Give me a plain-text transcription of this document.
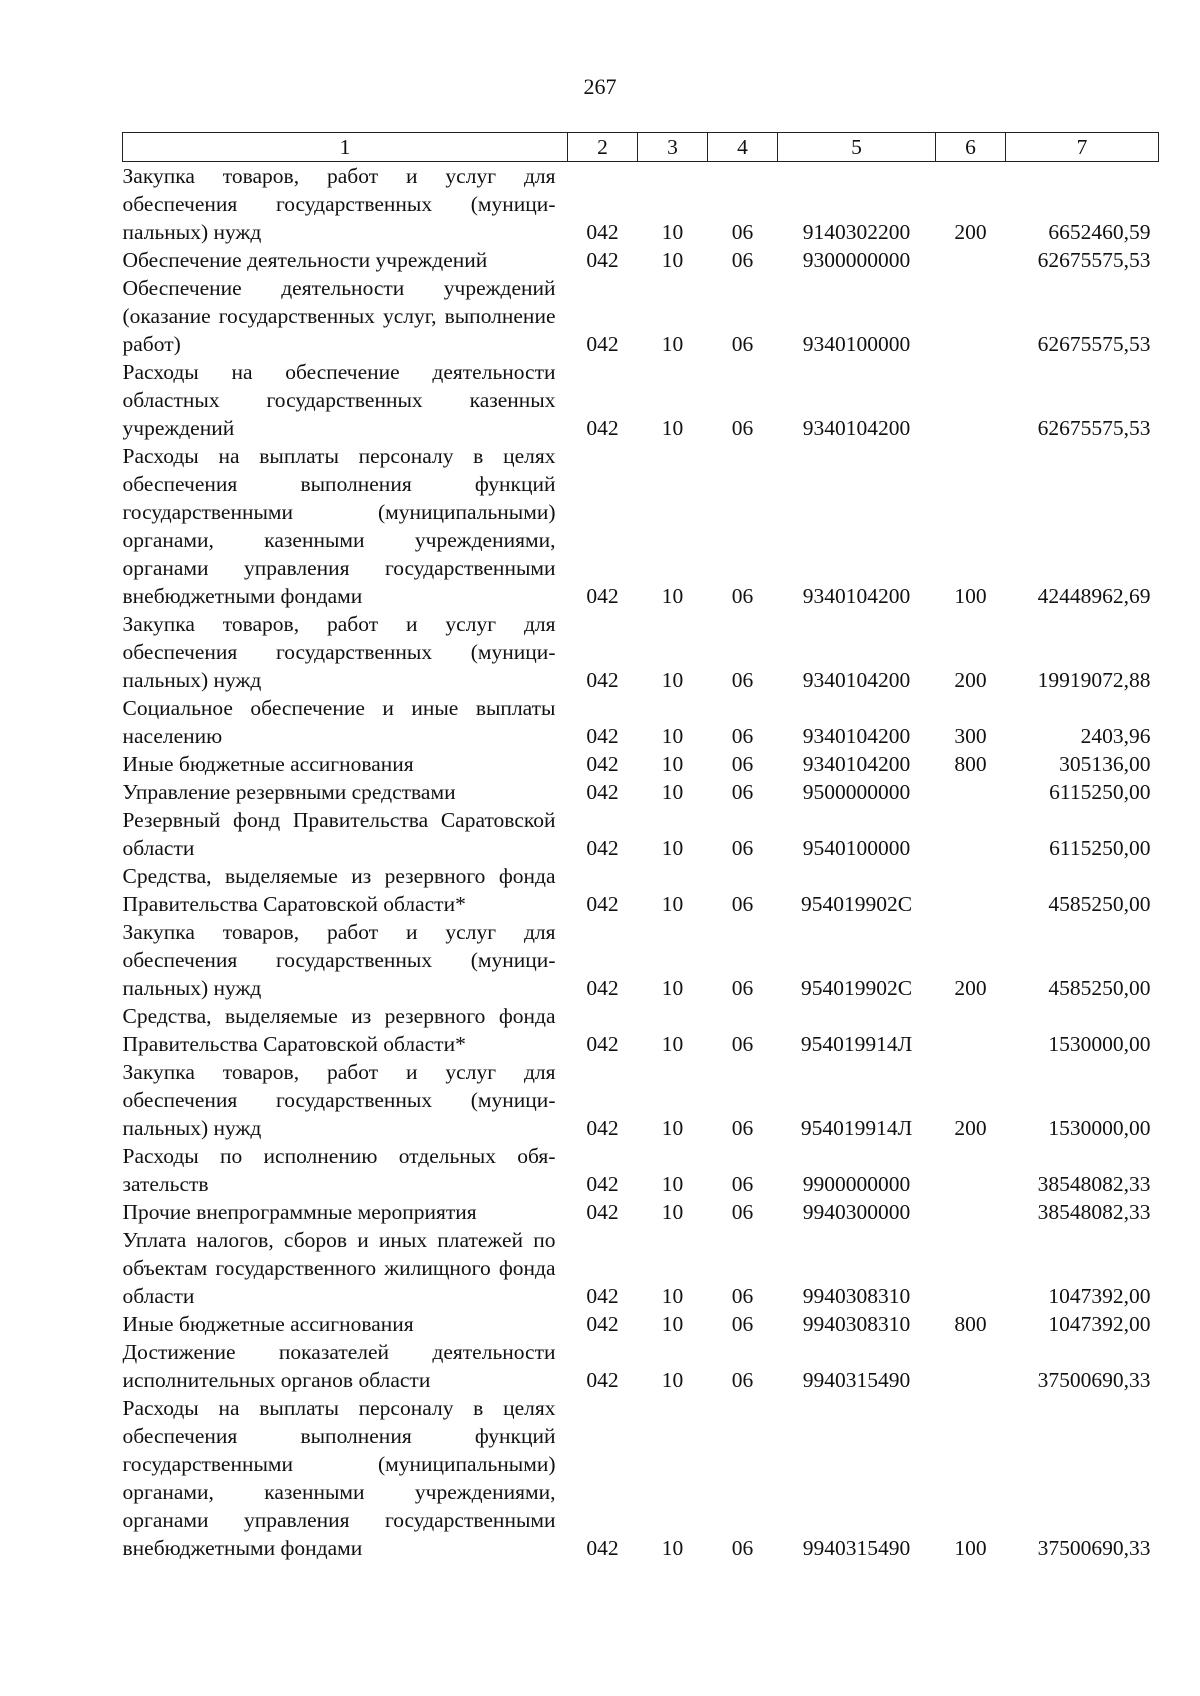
267
1	2	3	4	5	6	7
Закупка товаров, работ и услуг для обеспечения государственных (муниципальных) нужд	042	10	06	9140302200	200	6652460,59
Обеспечение деятельности учреждений	042	10	06	9300000000		62675575,53
Обеспечение деятельности учреждений (оказание государственных услуг, выполнение работ)	042	10	06	9340100000		62675575,53
Расходы на обеспечение деятельности областных государственных казенных учреждений	042	10	06	9340104200		62675575,53
Расходы на выплаты персоналу в целях обеспечения выполнения функций государственными (муниципальными) органами, казенными учреждениями, органами управления государственными внебюджетными фондами	042	10	06	9340104200	100	42448962,69
Закупка товаров, работ и услуг для обеспечения государственных (муниципальных) нужд	042	10	06	9340104200	200	19919072,88
Социальное обеспечение и иные выплаты населению	042	10	06	9340104200	300	2403,96
Иные бюджетные ассигнования	042	10	06	9340104200	800	305136,00
Управление резервными средствами	042	10	06	9500000000		6115250,00
Резервный фонд Правительства Саратовской области	042	10	06	9540100000		6115250,00
Средства, выделяемые из резервного фонда Правительства Саратовской области*	042	10	06	954019902С		4585250,00
Закупка товаров, работ и услуг для обеспечения государственных (муниципальных) нужд	042	10	06	954019902С	200	4585250,00
Средства, выделяемые из резервного фонда Правительства Саратовской области*	042	10	06	954019914Л		1530000,00
Закупка товаров, работ и услуг для обеспечения государственных (муниципальных) нужд	042	10	06	954019914Л	200	1530000,00
Расходы по исполнению отдельных обязательств	042	10	06	9900000000		38548082,33
Прочие внепрограммные мероприятия	042	10	06	9940300000		38548082,33
Уплата налогов, сборов и иных платежей по объектам государственного жилищного фонда области	042	10	06	9940308310		1047392,00
Иные бюджетные ассигнования	042	10	06	9940308310	800	1047392,00
Достижение показателей деятельности исполнительных органов области	042	10	06	9940315490		37500690,33
Расходы на выплаты персоналу в целях обеспечения выполнения функций государственными (муниципальными) органами, казенными учреждениями, органами управления государственными внебюджетными фондами	042	10	06	9940315490	100	37500690,33
